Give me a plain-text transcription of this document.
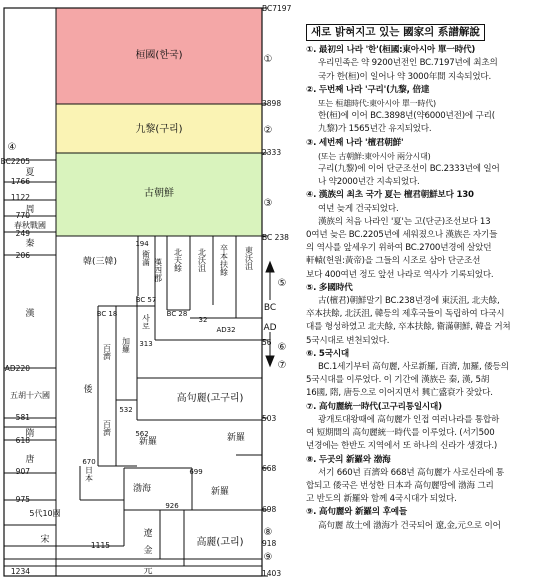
桓國(한국)
九黎(구리)
古朝鮮
韓(三韓)	衛滿 漢四郡 北夫餘 北沃沮 卒本扶餘 東沃沮
百濟 加羅
사로
高句麗(고구리)
新羅	新羅
倭
日本
百濟
渤海
高麗(고리)
新羅
遼
金
元
夏
周
春秋戰國
秦
漢
五胡十六國
隋
唐
5代10國
宋
BC2205
1766
1122
770
249
206
AD220
581
618
907
975
1115
1234
BC7197
3898
2333
BC 238
56
503
668
698
918
1403
194
BC 57
BC 18	BC 28
32
AD32
313
532
562
670
699
926
①
②
③
④
⑥
⑧
⑨
⑤
⑦
BC
AD
새로 밝혀지고 있는 國家의 系譜解說
①. 最初의 나라 '한'(桓國:東아시아 單一時代)
우리민족은 약 9200년전인 BC.7197년에 최초의
국가 한(桓)이 일어나 약 3000年間 지속되었다.
②. 두번째 나라 '구리'(九黎, 倍達
또는 桓雄時代:東아시아 單一時代)
한(桓)에 이어 BC.3898년(약6000년전)에 구리(
九黎)가 1565년간 유지되었다.
③. 세번째 나라 '檀君朝鮮'
(또는 古朝鮮:東아시아 兩分시대)
구리(九黎)에 이어 단군조선이 BC.2333년에 일어
나 약2000년간 지속되었다.
④. 漢族의 최초 국가 夏는 檀君朝鮮보다 130
여년 늦게 건국되었다.
漢族의 처음 나라인 '夏'는 고(단군)조선보다 13
0여년 늦은 BC.2205년에 세워졌으나 漢族은 자기들
의 역사를 앞세우기 위하여 BC.2700년경에 살았던
軒轅(헌원:黃帝)을 그들의 시조로 삼아 단군조선
보다 400여년 정도 앞선 나라로 역사가 기록되었다.
⑤. 多國時代
古(檀君)朝鮮말기 BC.238년경에 東沃沮, 北夫餘,
卒本扶餘, 北沃沮, 韓등의 제후국들이 독립하여 다국시
대를 형성하였고 北夫餘, 卒本扶餘, 衛滿朝鮮, 韓을 거쳐
5국시대로 변천되었다.
⑥. 5국시대
BC.1세기부터 高句麗, 사로新羅, 百濟, 加羅, 倭등의
5국시대를 이루었다. 이 기간에 漢族은 秦, 漢, 5胡
16國, 隋, 唐등으로 이어지면서 興亡盛衰가 잦았다.
⑦. 高句麗統一時代(고구리통일시대)
광개토대왕때에 高句麗가 인접 여러나라를 통합하
여 短期間의 高句麗統一時代를 이루었다. (서기500
년경에는 한반도 지역에서 또 하나의 신라가 생겼다.)
⑧. 두곳의 新羅와 渤海
서기 660년 百濟와 668년 高句麗가 사로신라에 통
합되고 倭국은 번성한 日本과 高句麗땅에 渤海 그리
고 반도의 新羅와 함께 4국시대가 되었다.
⑨. 高句麗와 新羅의 후예들
高句麗 故土에 渤海가 건국되어 遼,金,元으로 이어
